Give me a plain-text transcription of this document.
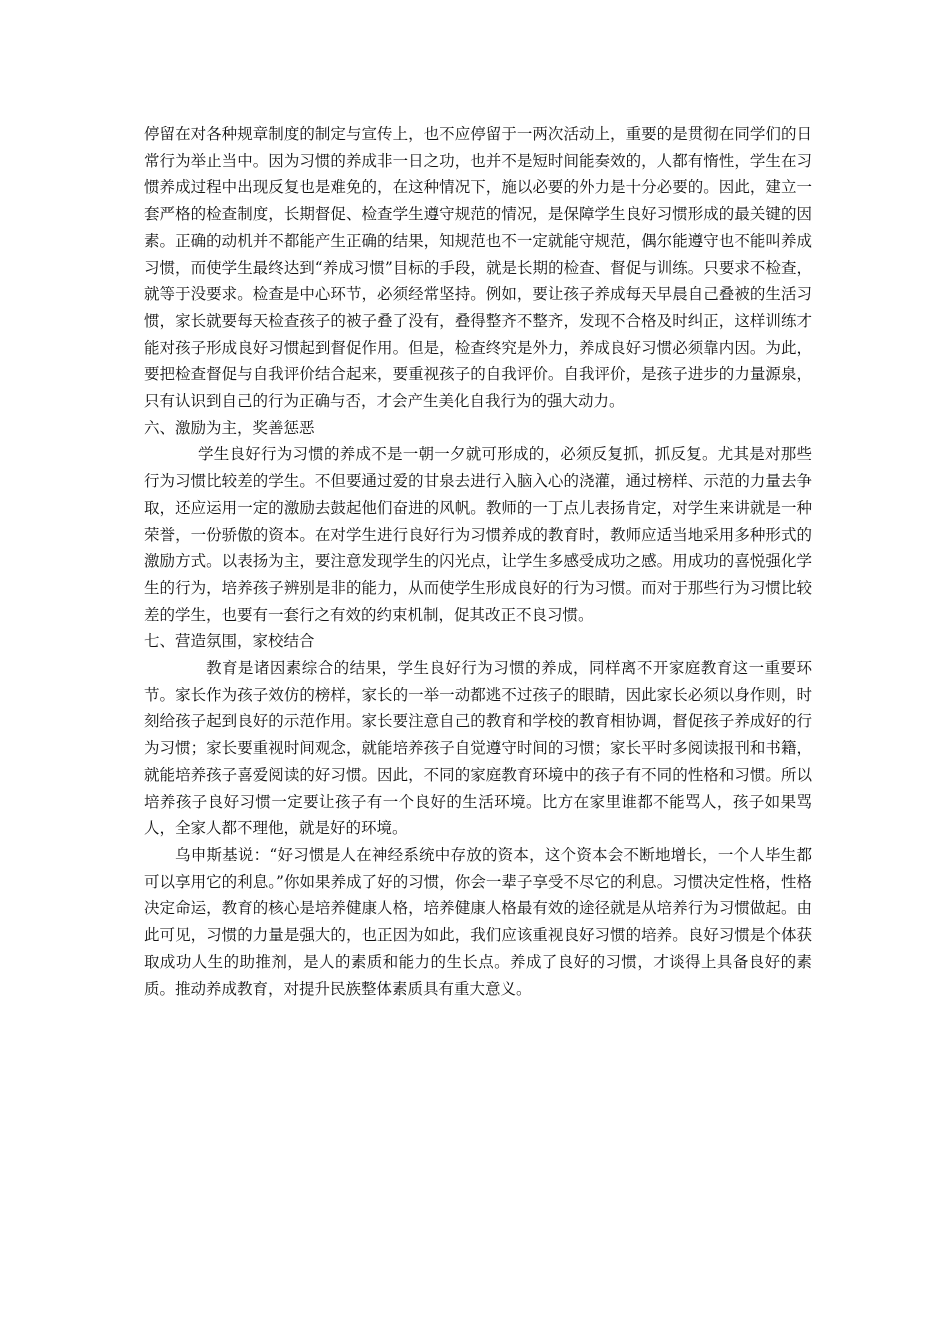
停留在对各种规章制度的制定与宣传上，也不应停留于一两次活动上，重要的是贯彻在同学们的日常行为举止当中。因为习惯的养成非一日之功，也并不是短时间能奏效的，人都有惰性，学生在习惯养成过程中出现反复也是难免的，在这种情况下，施以必要的外力是十分必要的。因此，建立一套严格的检查制度，长期督促、检查学生遵守规范的情况，是保障学生良好习惯形成的最关键的因素。正确的动机并不都能产生正确的结果，知规范也不一定就能守规范，偶尔能遵守也不能叫养成习惯，而使学生最终达到“养成习惯”目标的手段，就是长期的检查、督促与训练。只要求不检查，就等于没要求。检查是中心环节，必须经常坚持。例如，要让孩子养成每天早晨自己叠被的生活习惯，家长就要每天检查孩子的被子叠了没有，叠得整齐不整齐，发现不合格及时纠正，这样训练才能对孩子形成良好习惯起到督促作用。但是，检查终究是外力，养成良好习惯必须靠内因。为此，要把检查督促与自我评价结合起来，要重视孩子的自我评价。自我评价，是孩子进步的力量源泉，只有认识到自己的行为正确与否，才会产生美化自我行为的强大动力。

六、激励为主，奖善惩恶

学生良好行为习惯的养成不是一朝一夕就可形成的，必须反复抓，抓反复。尤其是对那些行为习惯比较差的学生。不但要通过爱的甘泉去进行入脑入心的浇灌，通过榜样、示范的力量去争取，还应运用一定的激励去鼓起他们奋进的风帆。教师的一丁点儿表扬肯定，对学生来讲就是一种荣誉，一份骄傲的资本。在对学生进行良好行为习惯养成的教育时，教师应适当地采用多种形式的激励方式。以表扬为主，要注意发现学生的闪光点，让学生多感受成功之感。用成功的喜悦强化学生的行为，培养孩子辨别是非的能力，从而使学生形成良好的行为习惯。而对于那些行为习惯比较差的学生，也要有一套行之有效的约束机制，促其改正不良习惯。

七、营造氛围，家校结合

教育是诸因素综合的结果，学生良好行为习惯的养成，同样离不开家庭教育这一重要环节。家长作为孩子效仿的榜样，家长的一举一动都逃不过孩子的眼睛，因此家长必须以身作则，时刻给孩子起到良好的示范作用。家长要注意自己的教育和学校的教育相协调，督促孩子养成好的行为习惯；家长要重视时间观念，就能培养孩子自觉遵守时间的习惯；家长平时多阅读报刊和书籍，就能培养孩子喜爱阅读的好习惯。因此，不同的家庭教育环境中的孩子有不同的性格和习惯。所以培养孩子良好习惯一定要让孩子有一个良好的生活环境。比方在家里谁都不能骂人，孩子如果骂人，全家人都不理他，就是好的环境。

乌申斯基说：“好习惯是人在神经系统中存放的资本，这个资本会不断地增长，一个人毕生都可以享用它的利息。”你如果养成了好的习惯，你会一辈子享受不尽它的利息。习惯决定性格，性格决定命运，教育的核心是培养健康人格，培养健康人格最有效的途径就是从培养行为习惯做起。由此可见，习惯的力量是强大的，也正因为如此，我们应该重视良好习惯的培养。良好习惯是个体获取成功人生的助推剂，是人的素质和能力的生长点。养成了良好的习惯，才谈得上具备良好的素质。推动养成教育，对提升民族整体素质具有重大意义。
